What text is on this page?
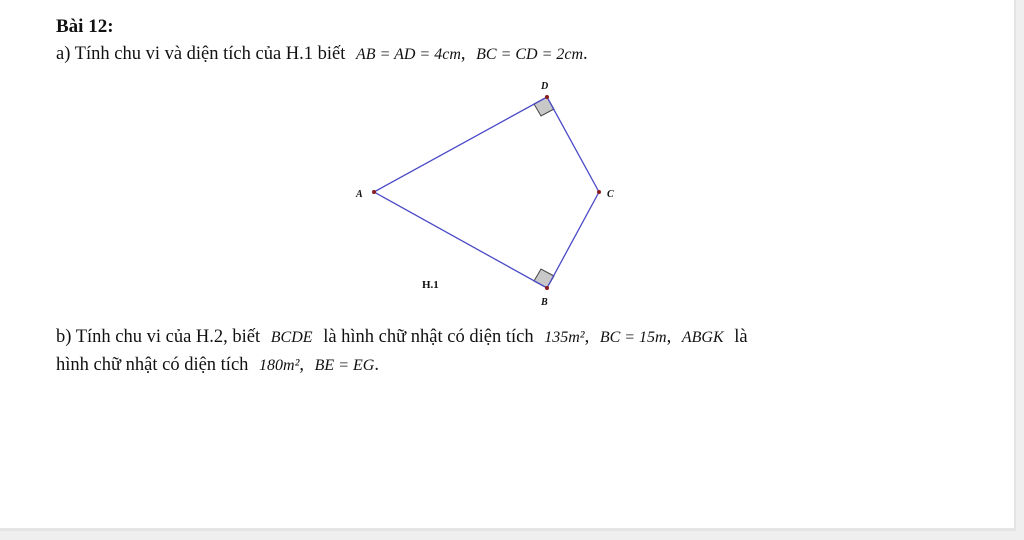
Bài 12:
a) Tính chu vi và diện tích của H.1 biết AB = AD = 4cm, BC = CD = 2cm.
A
D
C
B
H.1
b) Tính chu vi của H.2, biết BCDE là hình chữ nhật có diện tích 135m², BC = 15m, ABGK là
hình chữ nhật có diện tích 180m², BE = EG.
